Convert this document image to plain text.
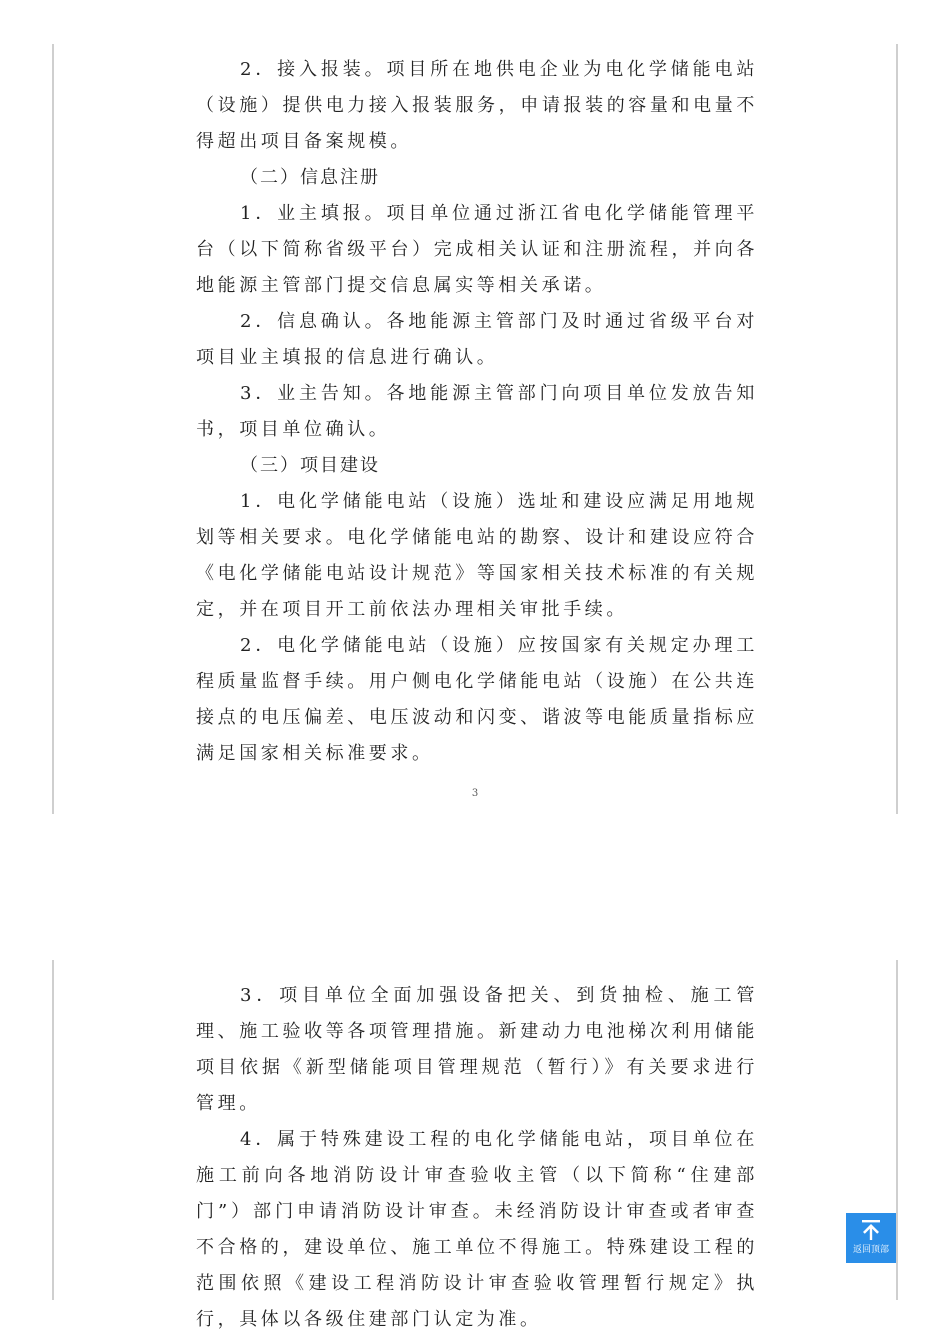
2．接入报装。项目所在地供电企业为电化学储能电站（设施）提供电力接入报装服务，申请报装的容量和电量不得超出项目备案规模。

（二）信息注册

1．业主填报。项目单位通过浙江省电化学储能管理平台（以下简称省级平台）完成相关认证和注册流程，并向各地能源主管部门提交信息属实等相关承诺。

2．信息确认。各地能源主管部门及时通过省级平台对项目业主填报的信息进行确认。

3．业主告知。各地能源主管部门向项目单位发放告知书，项目单位确认。

（三）项目建设

1．电化学储能电站（设施）选址和建设应满足用地规划等相关要求。电化学储能电站的勘察、设计和建设应符合《电化学储能电站设计规范》等国家相关技术标准的有关规定，并在项目开工前依法办理相关审批手续。

2．电化学储能电站（设施）应按国家有关规定办理工程质量监督手续。用户侧电化学储能电站（设施）在公共连接点的电压偏差、电压波动和闪变、谐波等电能质量指标应满足国家相关标准要求。

3

3．项目单位全面加强设备把关、到货抽检、施工管理、施工验收等各项管理措施。新建动力电池梯次利用储能项目依据《新型储能项目管理规范（暂行）》有关要求进行管理。

4．属于特殊建设工程的电化学储能电站，项目单位在施工前向各地消防设计审查验收主管（以下简称“住建部门”）部门申请消防设计审查。未经消防设计审查或者审查不合格的，建设单位、施工单位不得施工。特殊建设工程的范围依照《建设工程消防设计审查验收管理暂行规定》执行，具体以各级住建部门认定为准。

返回顶部
